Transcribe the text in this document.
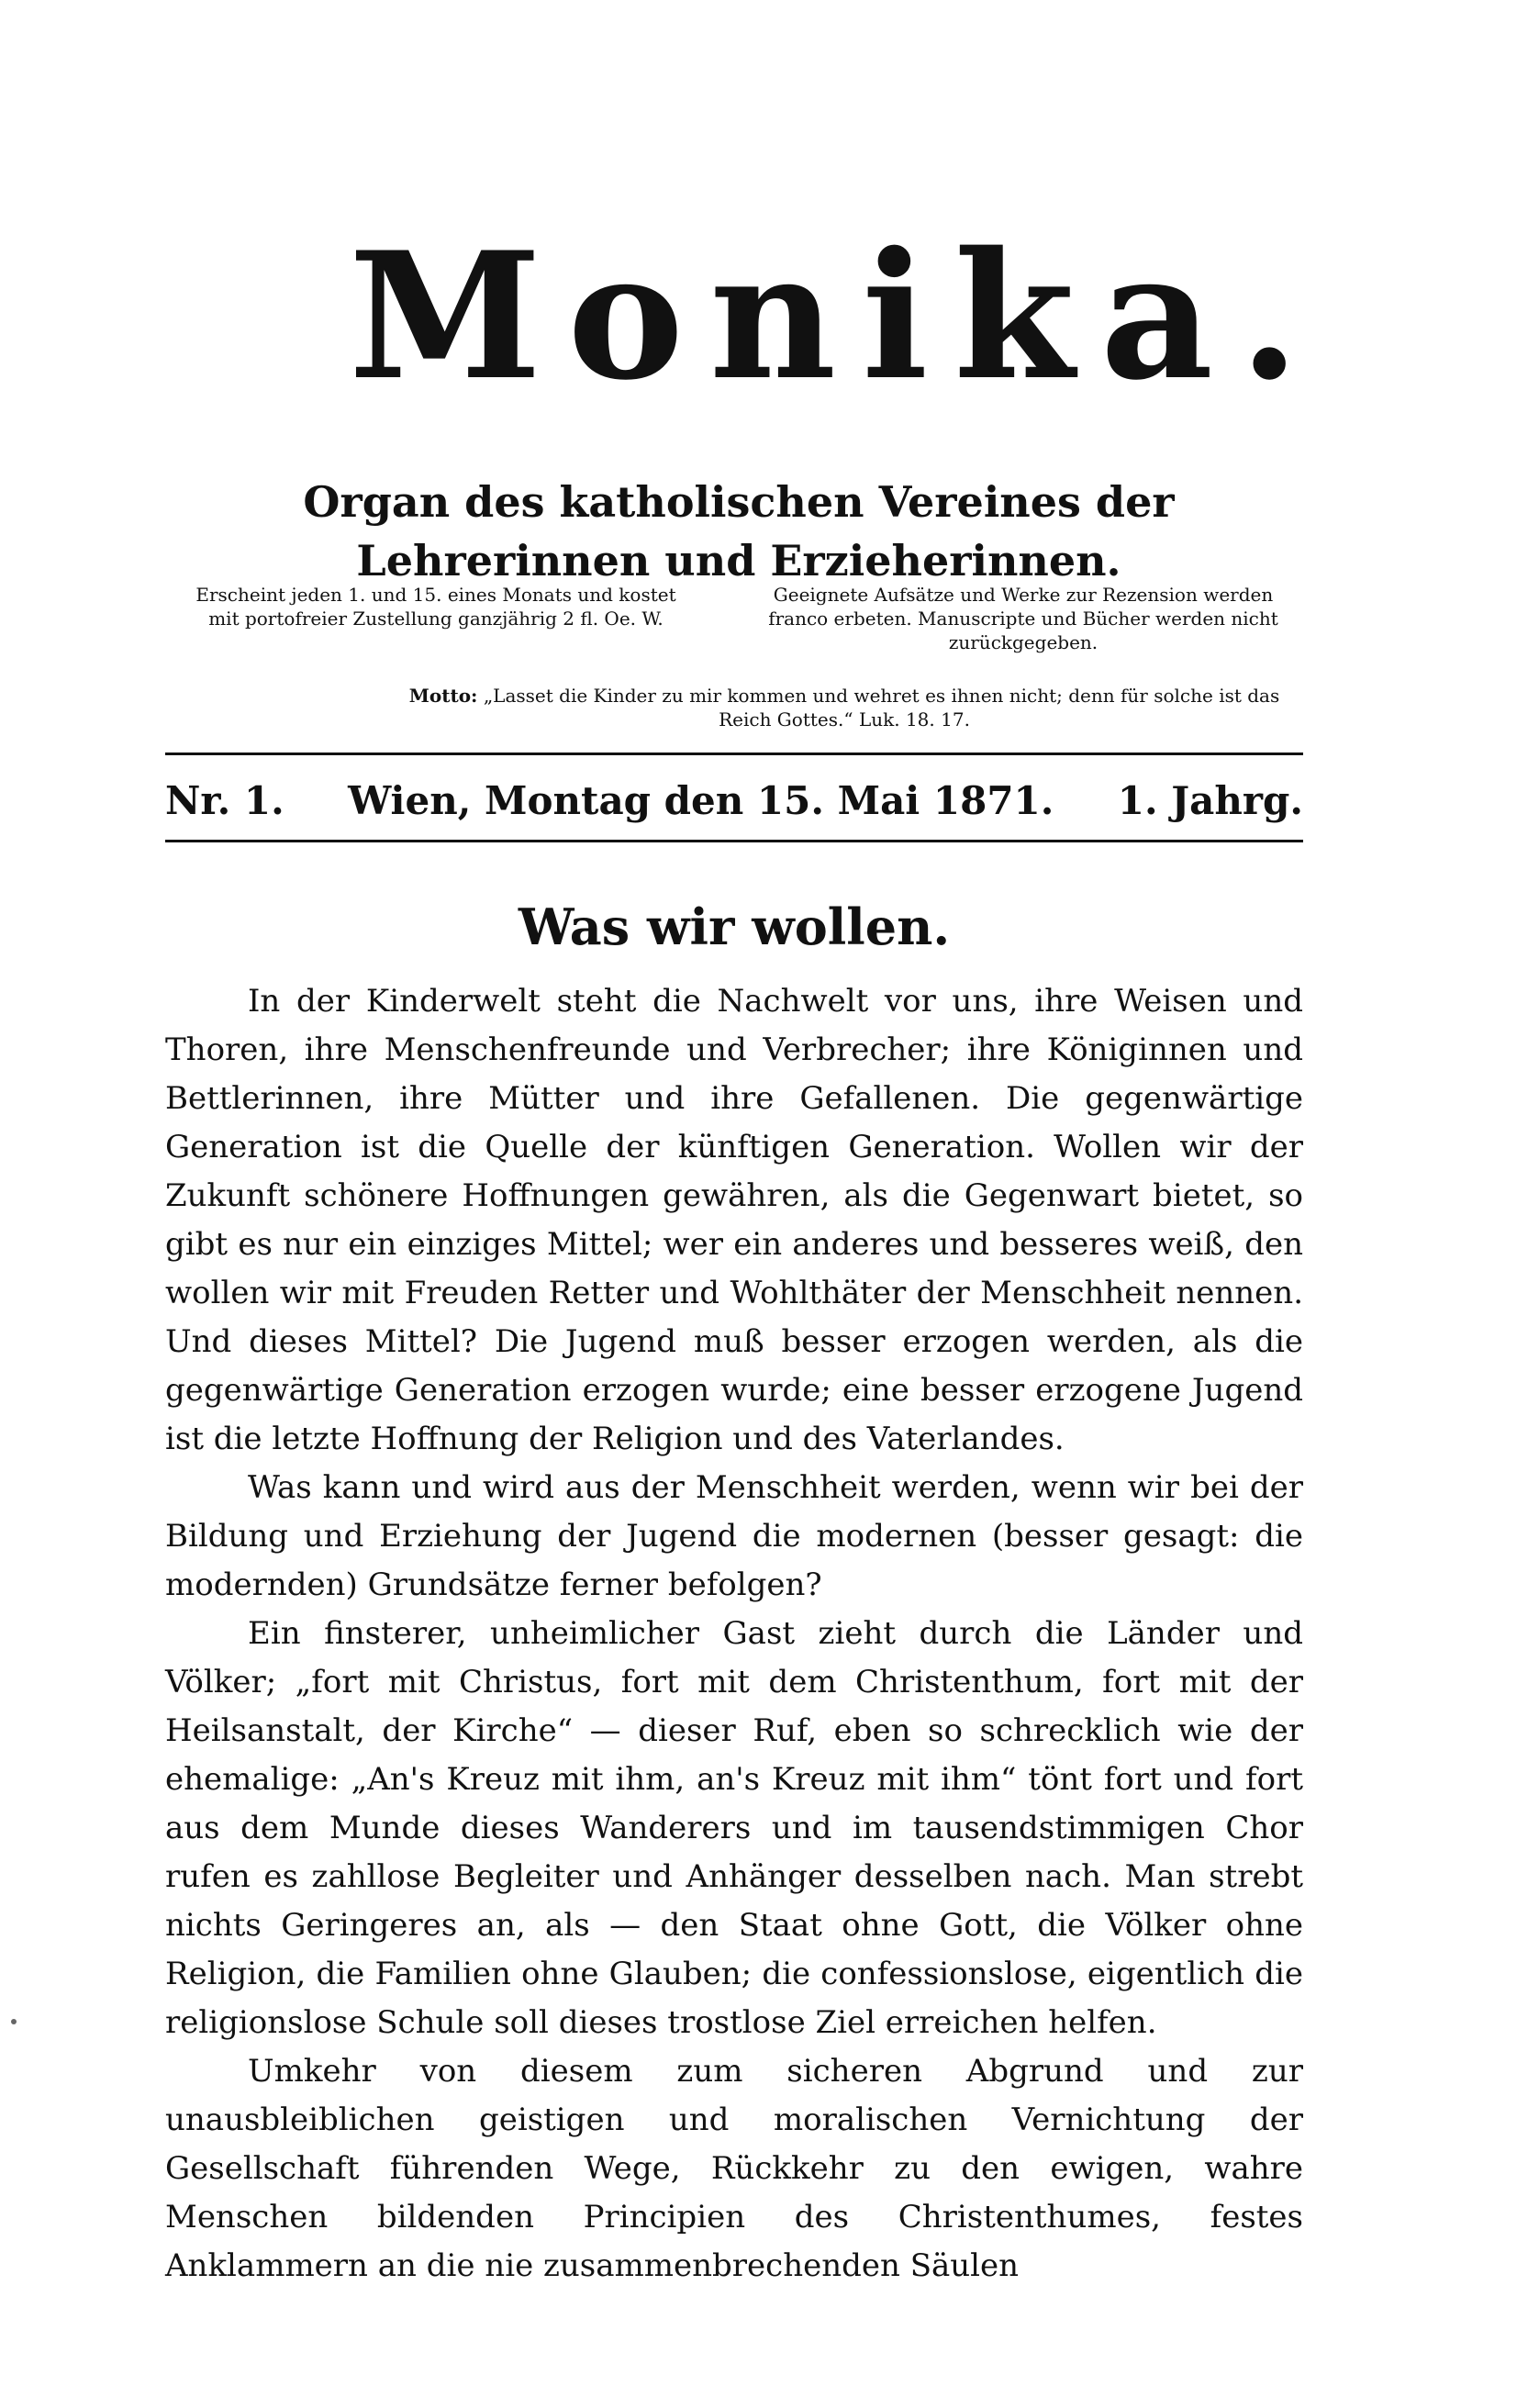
Monika.
Organ des katholischen Vereines der Lehrerinnen und Erzieherinnen.
Erscheint jeden 1. und 15. eines Monats und kostet mit portofreier Zustellung ganzjährig 2 fl. Oe. W.
Geeignete Aufsätze und Werke zur Rezension werden franco erbeten. Manuscripte und Bücher werden nicht zurückgegeben.
Motto: „Lasset die Kinder zu mir kommen und wehret es ihnen nicht; denn für solche ist das Reich Gottes.“ Luk. 18. 17.
Nr. 1. Wien, Montag den 15. Mai 1871. 1. Jahrg.
Was wir wollen.

In der Kinderwelt steht die Nachwelt vor uns, ihre Weisen und Thoren, ihre Menschenfreunde und Verbrecher; ihre Königinnen und Bettlerinnen, ihre Mütter und ihre Gefallenen. Die gegenwärtige Generation ist die Quelle der künftigen Generation. Wollen wir der Zukunft schönere Hoffnungen gewähren, als die Gegenwart bietet, so gibt es nur ein einziges Mittel; wer ein anderes und besseres weiß, den wollen wir mit Freuden Retter und Wohlthäter der Menschheit nennen. Und dieses Mittel? Die Jugend muß besser erzogen werden, als die gegenwärtige Generation erzogen wurde; eine besser erzogene Jugend ist die letzte Hoffnung der Religion und des Vaterlandes.

Was kann und wird aus der Menschheit werden, wenn wir bei der Bildung und Erziehung der Jugend die modernen (besser gesagt: die modernden) Grundsätze ferner befolgen?

Ein finsterer, unheimlicher Gast zieht durch die Länder und Völker; „fort mit Christus, fort mit dem Christenthum, fort mit der Heilsanstalt, der Kirche“ — dieser Ruf, eben so schrecklich wie der ehemalige: „An's Kreuz mit ihm, an's Kreuz mit ihm“ tönt fort und fort aus dem Munde dieses Wanderers und im tausendstimmigen Chor rufen es zahllose Begleiter und Anhänger desselben nach. Man strebt nichts Geringeres an, als — den Staat ohne Gott, die Völker ohne Religion, die Familien ohne Glauben; die confessionslose, eigentlich die religionslose Schule soll dieses trostlose Ziel erreichen helfen.

Umkehr von diesem zum sicheren Abgrund und zur unausbleiblichen geistigen und moralischen Vernichtung der Gesellschaft führenden Wege, Rückkehr zu den ewigen, wahre Menschen bildenden Principien des Christenthumes, festes Anklammern an die nie zusammenbrechenden Säulen
